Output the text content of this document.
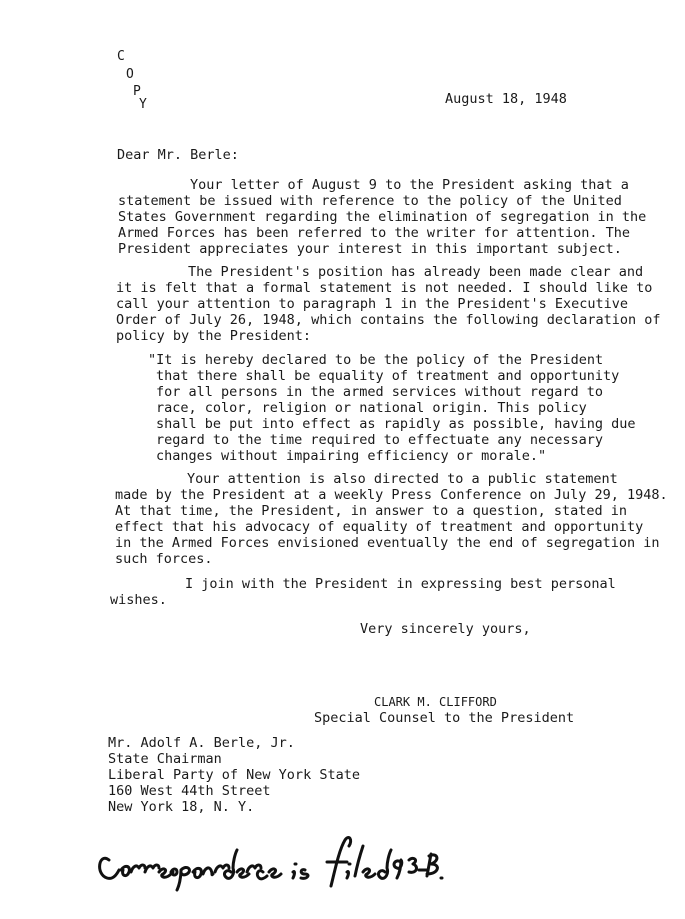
C
O
P
Y	August 18, 1948
Dear Mr. Berle:
Your letter of August 9 to the President asking that a
statement be issued with reference to the policy of the United
States Government regarding the elimination of segregation in the
Armed Forces has been referred to the writer for attention. The
President appreciates your interest in this important subject.
The President's position has already been made clear and
it is felt that a formal statement is not needed. I should like to
call your attention to paragraph 1 in the President's Executive
Order of July 26, 1948, which contains the following declaration of
policy by the President:
"It is hereby declared to be the policy of the President
that there shall be equality of treatment and opportunity
for all persons in the armed services without regard to
race, color, religion or national origin. This policy
shall be put into effect as rapidly as possible, having due
regard to the time required to effectuate any necessary
changes without impairing efficiency or morale."
Your attention is also directed to a public statement
made by the President at a weekly Press Conference on July 29, 1948.
At that time, the President, in answer to a question, stated in
effect that his advocacy of equality of treatment and opportunity
in the Armed Forces envisioned eventually the end of segregation in
such forces.
I join with the President in expressing best personal
wishes.
Very sincerely yours,
CLARK M. CLIFFORD
Special Counsel to the President
Mr. Adolf A. Berle, Jr.
State Chairman
Liberal Party of New York State
160 West 44th Street
New York 18, N. Y.
